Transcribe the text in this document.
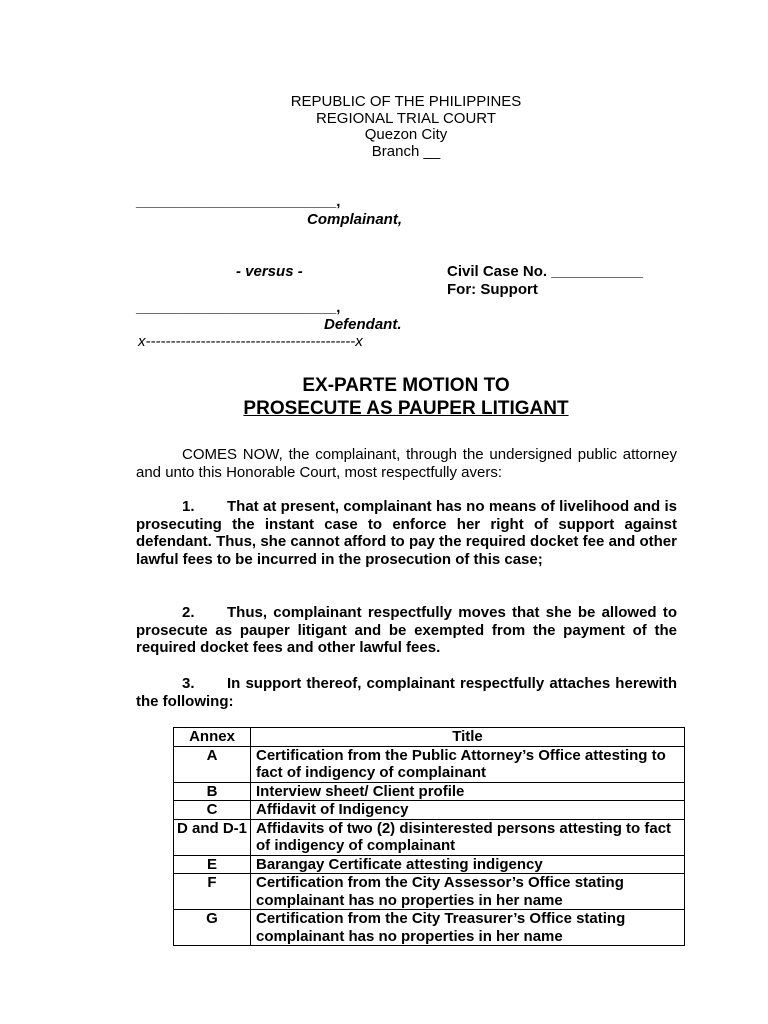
REPUBLIC OF THE PHILIPPINES
REGIONAL TRIAL COURT
Quezon City
Branch __
________________________,
Complainant,
- versus -	Civil Case No. ___________
For: Support
________________________,
Defendant.
x------------------------------------------x
EX-PARTE MOTION TO
PROSECUTE AS PAUPER LITIGANT
COMES NOW, the complainant, through the undersigned public attorney and unto this Honorable Court, most respectfully avers:
1. That at present, complainant has no means of livelihood and is prosecuting the instant case to enforce her right of support against defendant. Thus, she cannot afford to pay the required docket fee and other lawful fees to be incurred in the prosecution of this case;
2. Thus, complainant respectfully moves that she be allowed to prosecute as pauper litigant and be exempted from the payment of the required docket fees and other lawful fees.
3. In support thereof, complainant respectfully attaches herewith the following:
Annex	Title
A	Certification from the Public Attorney’s Office attesting to fact of indigency of complainant
B	Interview sheet/ Client profile
C	Affidavit of Indigency
D and D-1	Affidavits of two (2) disinterested persons attesting to fact of indigency of complainant
E	Barangay Certificate attesting indigency
F	Certification from the City Assessor’s Office stating complainant has no properties in her name
G	Certification from the City Treasurer’s Office stating complainant has no properties in her name
